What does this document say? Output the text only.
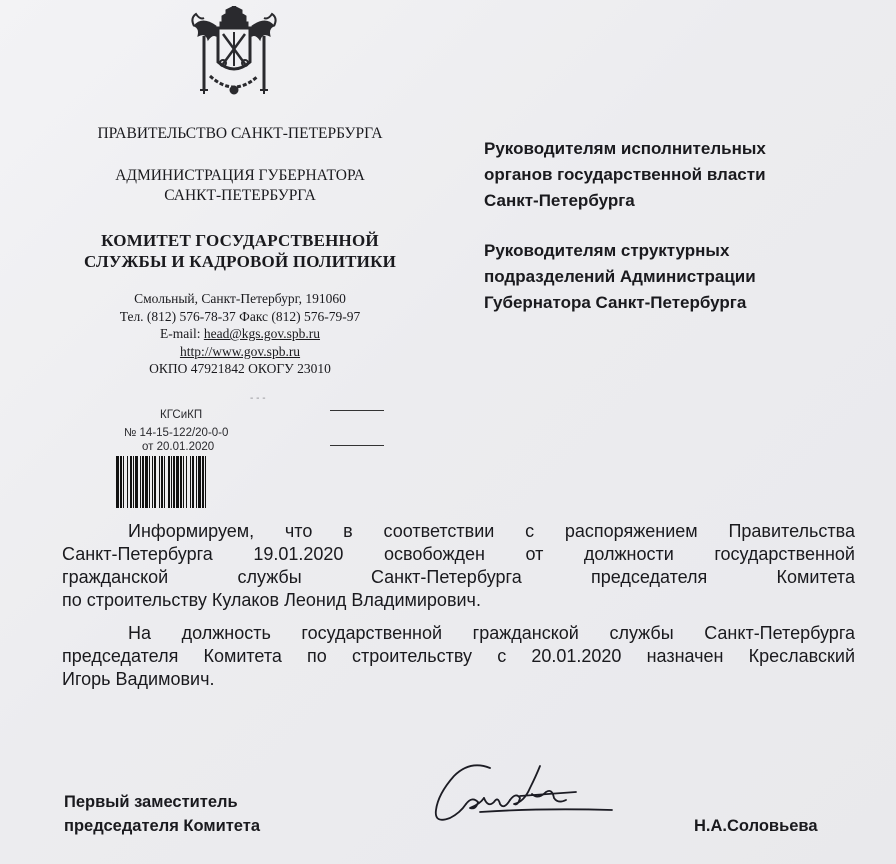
ПРАВИТЕЛЬСТВО САНКТ-ПЕТЕРБУРГА
АДМИНИСТРАЦИЯ ГУБЕРНАТОРА
САНКТ-ПЕТЕРБУРГА
КОМИТЕТ ГОСУДАРСТВЕННОЙ
СЛУЖБЫ И КАДРОВОЙ ПОЛИТИКИ
Смольный, Санкт-Петербург, 191060
Тел. (812) 576-78-37 Факс (812) 576-79-97
E-mail: head@kgs.gov.spb.ru
http://www.gov.spb.ru
ОКПО 47921842 ОКОГУ 23010
- - -
КГСиКП
№ 14-15-122/20-0-0
от 20.01.2020
Руководителям исполнительных
органов государственной власти
Санкт-Петербурга
Руководителям структурных
подразделений Администрации
Губернатора Санкт-Петербурга
Информируем, что в соответствии с распоряжением Правительства
Санкт-Петербурга 19.01.2020 освобожден от должности государственной
гражданской службы Санкт-Петербурга председателя Комитета
по строительству Кулаков Леонид Владимирович.
На должность государственной гражданской службы Санкт-Петербурга
председателя Комитета по строительству с 20.01.2020 назначен Креславский
Игорь Вадимович.
Первый заместитель
председателя Комитета	Н.А.Соловьева
